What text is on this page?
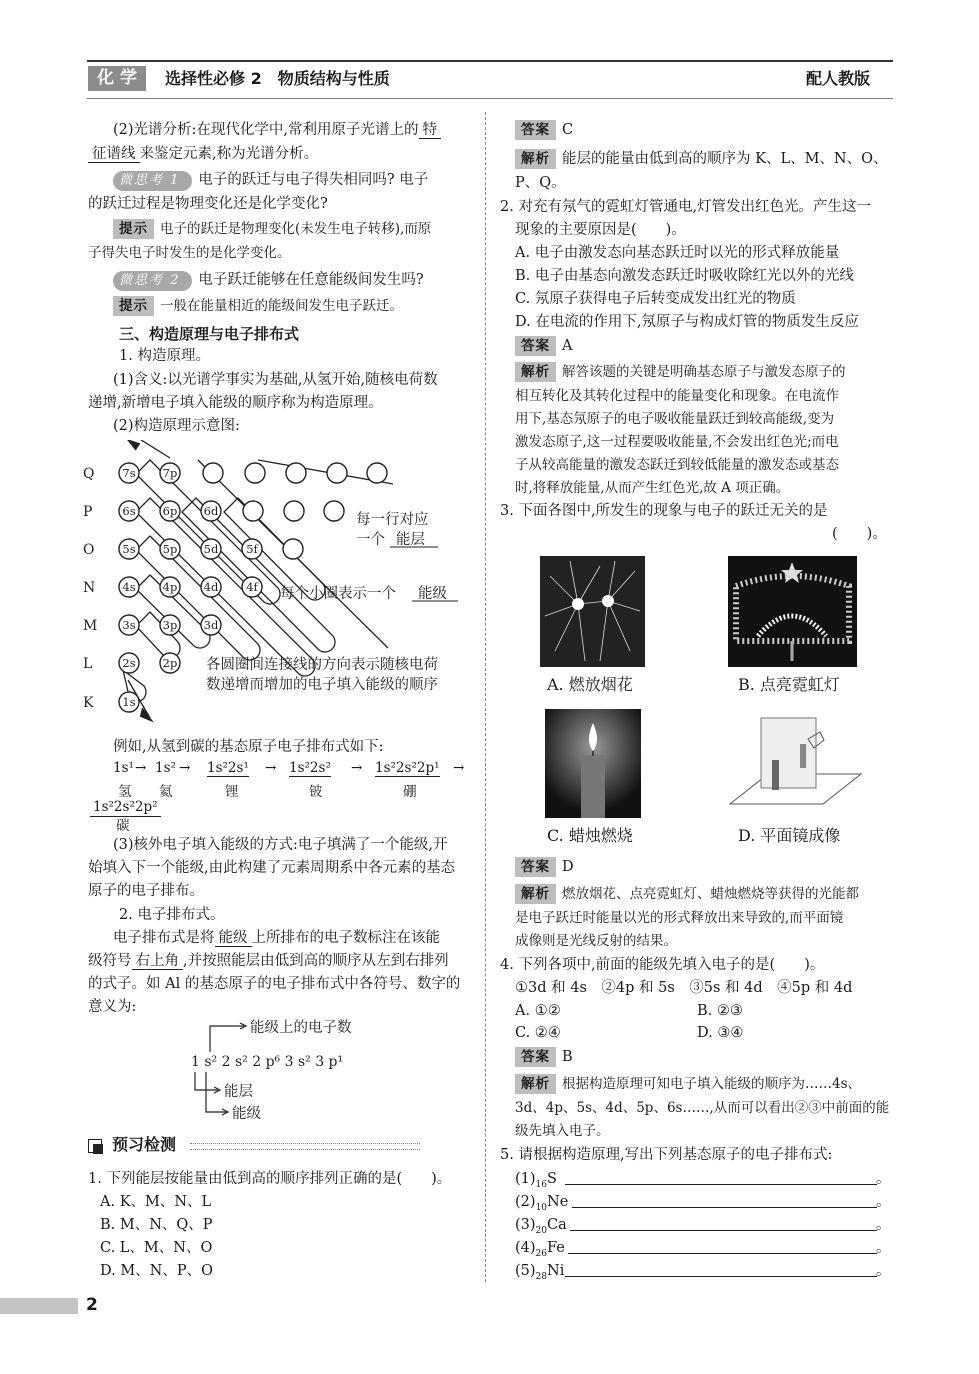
化 学	选择性必修 2　物质结构与性质	配人教版
(2)光谱分析:在现代化学中,常利用原子光谱上的 特
征谱线 来鉴定元素,称为光谱分析。
微思考 1 电子的跃迁与电子得失相同吗? 电子
的跃迁过程是物理变化还是化学变化?
提示 电子的跃迁是物理变化(未发生电子转移),而原
子得失电子时发生的是化学变化。
微思考 2 电子跃迁能够在任意能级间发生吗?
提示 一般在能量相近的能级间发生电子跃迁。
三、构造原理与电子排布式
1. 构造原理。
(1)含义:以光谱学事实为基础,从氢开始,随核电荷数
递增,新增电子填入能级的顺序称为构造原理。
(2)构造原理示意图:
Q
P
O
N
M
L
K
7s 7p
6s 6p 6d
5s 5p 5d 5f
4s 4p 4d 4f
3s 3p 3d
2s 2p
1s
每一行对应
一个 能层
每个小圈表示一个 能级
各圆圈间连接线的方向表示随核电荷
数递增而增加的电子填入能级的顺序
例如,从氢到碳的基态原子电子排布式如下:
1s¹
氢
→ 1s²
氦
→ 1s²2s¹
锂
→ 1s²2s²
铍
→ 1s²2s²2p¹
硼
→
1s²2s²2p²
碳
(3)核外电子填入能级的方式:电子填满了一个能级,开
始填入下一个能级,由此构建了元素周期系中各元素的基态
原子的电子排布。
2. 电子排布式。
电子排布式是将 能级 上所排布的电子数标注在该能
级符号 右上角 ,并按照能层由低到高的顺序从左到右排列
的式子。如 Al 的基态原子的电子排布式中各符号、数字的
意义为:
能级上的电子数
1 s² 2 s² 2 p⁶ 3 s² 3 p¹
能层
能级
预习检测
1. 下列能层按能量由低到高的顺序排列正确的是(　　)。
A. K、M、N、L
B. M、N、Q、P
C. L、M、N、O
D. M、N、P、O
答案 C
解析 能层的能量由低到高的顺序为 K、L、M、N、O、
P、Q。
2. 对充有氖气的霓虹灯管通电,灯管发出红色光。产生这一
现象的主要原因是(　　)。
A. 电子由激发态向基态跃迁时以光的形式释放能量
B. 电子由基态向激发态跃迁时吸收除红光以外的光线
C. 氖原子获得电子后转变成发出红光的物质
D. 在电流的作用下,氖原子与构成灯管的物质发生反应
答案 A
解析 解答该题的关键是明确基态原子与激发态原子的
相互转化及其转化过程中的能量变化和现象。在电流作
用下,基态氖原子的电子吸收能量跃迁到较高能级,变为
激发态原子,这一过程要吸收能量,不会发出红色光;而电
子从较高能量的激发态跃迁到较低能量的激发态或基态
时,将释放能量,从而产生红色光,故 A 项正确。
3. 下面各图中,所发生的现象与电子的跃迁无关的是
(　　)。
A. 燃放烟花	B. 点亮霓虹灯
C. 蜡烛燃烧	D. 平面镜成像
答案 D
解析 燃放烟花、点亮霓虹灯、蜡烛燃烧等获得的光能都
是电子跃迁时能量以光的形式释放出来导致的,而平面镜
成像则是光线反射的结果。
4. 下列各项中,前面的能级先填入电子的是(　　)。
①3d 和 4s　②4p 和 5s　③5s 和 4d　④5p 和 4d
A. ①②	B. ②③
C. ②④	D. ③④
答案 B
解析 根据构造原理可知电子填入能级的顺序为……4s、
3d、4p、5s、4d、5p、6s……,从而可以看出②③中前面的能
级先填入电子。
5. 请根据构造原理,写出下列基态原子的电子排布式:
$(1)_{16}S$	。
$(2)_{10}Ne$	。
$(3)_{20}Ca$	。
$(4)_{26}Fe$	。
$(5)_{28}Ni$	。
2
